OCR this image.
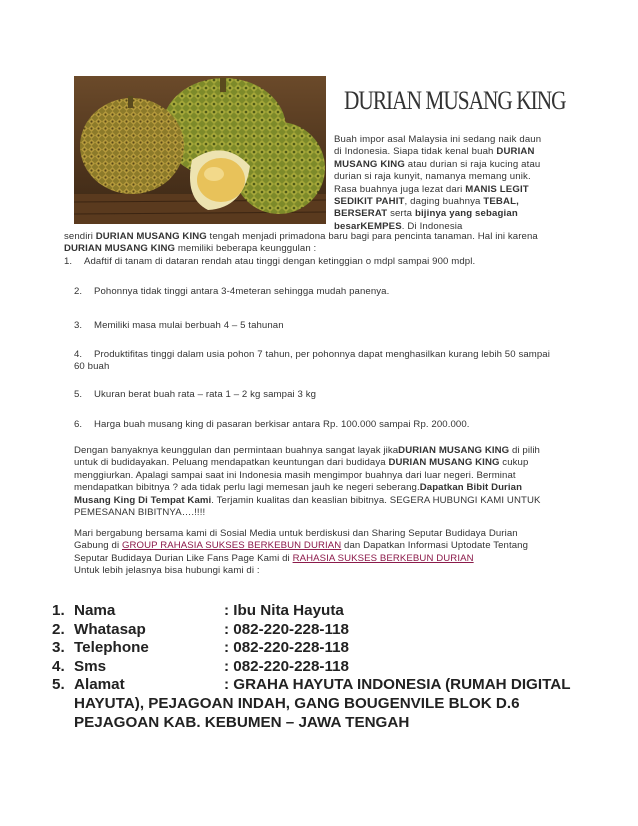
DURIAN MUSANG KING
Buah impor asal Malaysia ini sedang naik daun di Indonesia. Siapa tidak kenal buah DURIAN MUSANG KING atau durian si raja kucing atau durian si raja kunyit, namanya memang unik. Rasa buahnya juga lezat dari MANIS LEGIT SEDIKIT PAHIT, daging buahnya TEBAL, BERSERAT serta bijinya yang sebagian besarKEMPES. Di Indonesia
sendiri DURIAN MUSANG KING tengah menjadi primadona baru bagi para pencinta tanaman. Hal ini karena DURIAN MUSANG KING memiliki beberapa keunggulan :
1. Adaftif di tanam di dataran rendah atau tinggi dengan ketinggian o mdpl sampai 900 mdpl.
2. Pohonnya tidak tinggi antara 3-4meteran sehingga mudah panenya.
3. Memiliki masa mulai berbuah 4 – 5 tahunan
4. Produktifitas tinggi dalam usia pohon 7 tahun, per pohonnya dapat menghasilkan kurang lebih 50 sampai 60 buah
5. Ukuran berat buah rata – rata 1 – 2 kg sampai 3 kg
6. Harga buah musang king di pasaran berkisar antara Rp. 100.000 sampai Rp. 200.000.
Dengan banyaknya keunggulan dan permintaan buahnya sangat layak jikaDURIAN MUSANG KING di pilih untuk di budidayakan. Peluang mendapatkan keuntungan dari budidaya DURIAN MUSANG KING cukup menggiurkan. Apalagi sampai saat ini Indonesia masih mengimpor buahnya dari luar negeri. Berminat mendapatkan bibitnya ? ada tidak perlu lagi memesan jauh ke negeri seberang.Dapatkan Bibit Durian Musang King Di Tempat Kami. Terjamin kualitas dan keaslian bibitnya. SEGERA HUBUNGI KAMI UNTUK PEMESANAN BIBITNYA….!!!!
Mari bergabung bersama kami di Sosial Media untuk berdiskusi dan Sharing Seputar Budidaya Durian Gabung di GROUP RAHASIA SUKSES BERKEBUN DURIAN dan Dapatkan Informasi Uptodate Tentang Seputar Budidaya Durian Like Fans Page Kami di RAHASIA SUKSES BERKEBUN DURIAN
Untuk lebih jelasnya bisa hubungi kami di :
1. Nama	: Ibu Nita Hayuta
2. Whatasap	: 082-220-228-118
3. Telephone	: 082-220-228-118
4. Sms	: 082-220-228-118
5. Alamat	: GRAHA HAYUTA INDONESIA (RUMAH DIGITAL HAYUTA), PEJAGOAN INDAH, GANG BOUGENVILE BLOK D.6 PEJAGOAN KAB. KEBUMEN – JAWA TENGAH
